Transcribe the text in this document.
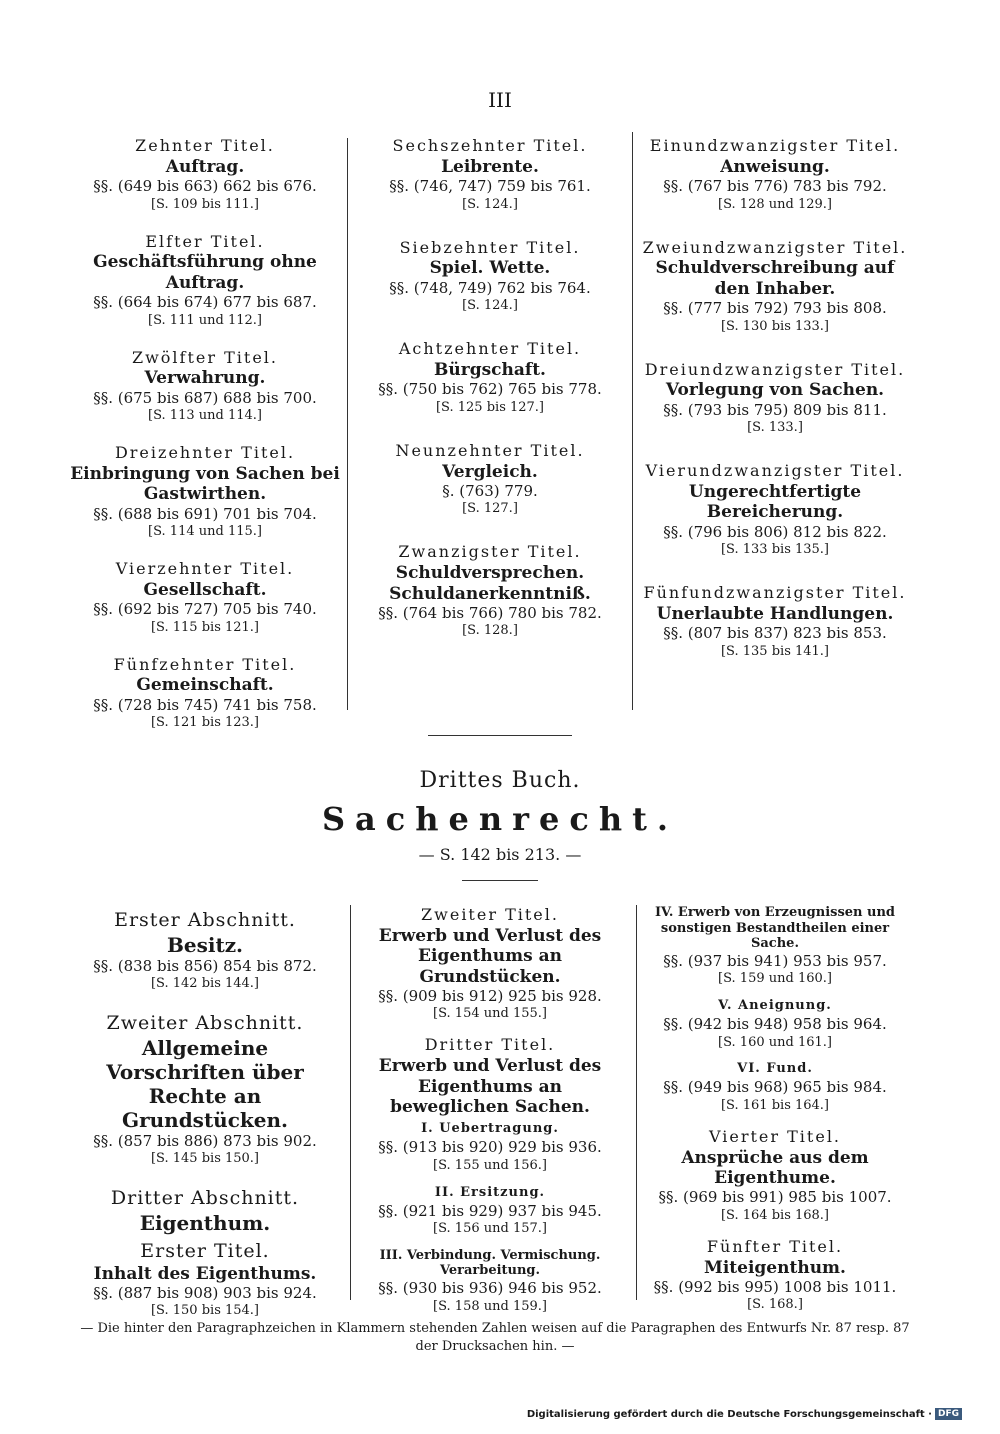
III
Zehnter Titel.
Auftrag.
§§. (649 bis 663) 662 bis 676.
[S. 109 bis 111.]
Elfter Titel.
Geschäftsführung ohne Auftrag.
§§. (664 bis 674) 677 bis 687.
[S. 111 und 112.]
Zwölfter Titel.
Verwahrung.
§§. (675 bis 687) 688 bis 700.
[S. 113 und 114.]
Dreizehnter Titel.
Einbringung von Sachen bei Gastwirthen.
§§. (688 bis 691) 701 bis 704.
[S. 114 und 115.]
Vierzehnter Titel.
Gesellschaft.
§§. (692 bis 727) 705 bis 740.
[S. 115 bis 121.]
Fünfzehnter Titel.
Gemeinschaft.
§§. (728 bis 745) 741 bis 758.
[S. 121 bis 123.]
Sechszehnter Titel.
Leibrente.
§§. (746, 747) 759 bis 761.
[S. 124.]
Siebzehnter Titel.
Spiel. Wette.
§§. (748, 749) 762 bis 764.
[S. 124.]
Achtzehnter Titel.
Bürgschaft.
§§. (750 bis 762) 765 bis 778.
[S. 125 bis 127.]
Neunzehnter Titel.
Vergleich.
§. (763) 779.
[S. 127.]
Zwanzigster Titel.
Schuldversprechen. Schuldanerkenntniß.
§§. (764 bis 766) 780 bis 782.
[S. 128.]
Einundzwanzigster Titel.
Anweisung.
§§. (767 bis 776) 783 bis 792.
[S. 128 und 129.]
Zweiundzwanzigster Titel.
Schuldverschreibung auf den Inhaber.
§§. (777 bis 792) 793 bis 808.
[S. 130 bis 133.]
Dreiundzwanzigster Titel.
Vorlegung von Sachen.
§§. (793 bis 795) 809 bis 811.
[S. 133.]
Vierundzwanzigster Titel.
Ungerechtfertigte Bereicherung.
§§. (796 bis 806) 812 bis 822.
[S. 133 bis 135.]
Fünfundzwanzigster Titel.
Unerlaubte Handlungen.
§§. (807 bis 837) 823 bis 853.
[S. 135 bis 141.]
Drittes Buch.
Sachenrecht.
— S. 142 bis 213. —
Erster Abschnitt.
Besitz.
§§. (838 bis 856) 854 bis 872.
[S. 142 bis 144.]
Zweiter Abschnitt.
Allgemeine Vorschriften über Rechte an Grundstücken.
§§. (857 bis 886) 873 bis 902.
[S. 145 bis 150.]
Dritter Abschnitt.
Eigenthum.
Erster Titel.
Inhalt des Eigenthums.
§§. (887 bis 908) 903 bis 924.
[S. 150 bis 154.]
Zweiter Titel.
Erwerb und Verlust des Eigenthums an Grundstücken.
§§. (909 bis 912) 925 bis 928.
[S. 154 und 155.]
Dritter Titel.
Erwerb und Verlust des Eigenthums an beweglichen Sachen.
I. Uebertragung.
§§. (913 bis 920) 929 bis 936.
[S. 155 und 156.]
II. Ersitzung.
§§. (921 bis 929) 937 bis 945.
[S. 156 und 157.]
III. Verbindung. Vermischung. Verarbeitung.
§§. (930 bis 936) 946 bis 952.
[S. 158 und 159.]
IV. Erwerb von Erzeugnissen und sonstigen Bestandtheilen einer Sache.
§§. (937 bis 941) 953 bis 957.
[S. 159 und 160.]
V. Aneignung.
§§. (942 bis 948) 958 bis 964.
[S. 160 und 161.]
VI. Fund.
§§. (949 bis 968) 965 bis 984.
[S. 161 bis 164.]
Vierter Titel.
Ansprüche aus dem Eigenthume.
§§. (969 bis 991) 985 bis 1007.
[S. 164 bis 168.]
Fünfter Titel.
Miteigenthum.
§§. (992 bis 995) 1008 bis 1011.
[S. 168.]
— Die hinter den Paragraphzeichen in Klammern stehenden Zahlen weisen auf die Paragraphen des Entwurfs Nr. 87 resp. 87 der Drucksachen hin. —
Digitalisierung gefördert durch die Deutsche Forschungsgemeinschaft · DFG
